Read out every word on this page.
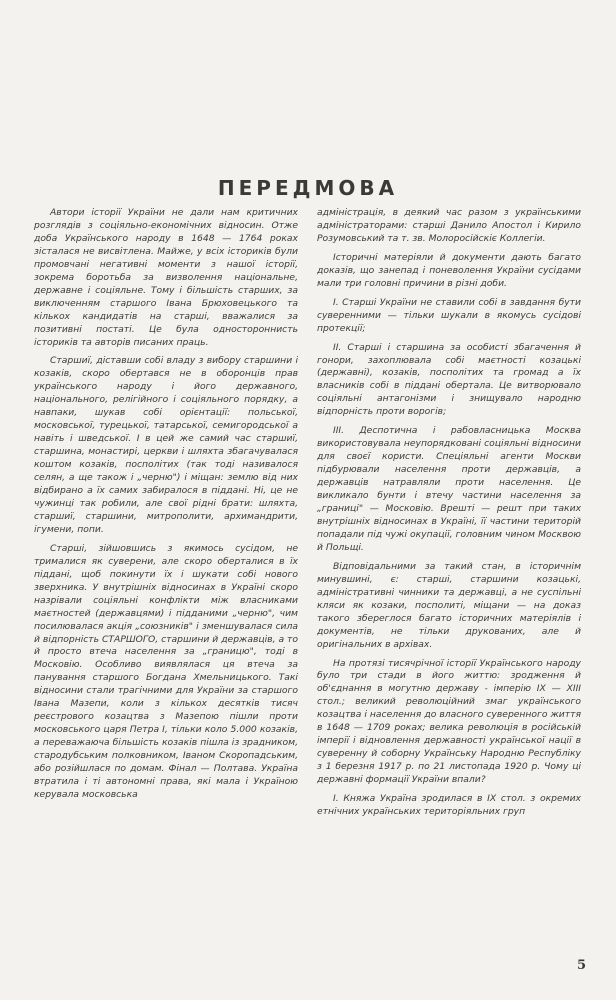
ПЕРЕДМОВА

Автори історії України не дали нам критичних розглядів з соціяльно-економічних відносин. Отже доба Українського народу в 1648 — 1764 роках зісталася не висвітлена. Майже, у всіх істориків були промовчані негативні моменти з нашої історії, зокрема боротьба за визволення національне, державне і соціяльне. Тому і більшість старших, за виключенням старшого Івана Брюховецького та кількох кандидатів на старші, вважалися за позитивні постаті. Це була одностороннисть істориків та авторів писаних праць.

Старшиї, діставши собі владу з вибору старшини і козаків, скоро обертався не в оборонців прав українського народу і його державного, національного, релігійного і соціяльного порядку, а навпаки, шукав собі орієнтації: польської, московської, турецької, татарської, семигородської а навіть і шведської. І в цей же самий час старшиї, старшина, монастирі, церкви і шляхта збагачувалася коштом козаків, посполітих (так тоді називалося селян, а ще також і „черню") і міщан: землю від них відбирано а їх самих забиралося в піддані. Ні, це не чужинці так робили, але свої рідні брати: шляхта, старшиї, старшини, митрополити, архимандрити, ігумени, попи.

Старші, зійшовшись з якимось сусідом, не трималися як суверени, але скоро оберталися в їх піддані, щоб покинути їх і шукати собі нового зверхника. У внутрішніх відносинах в Україні скоро назрівали соціяльні конфлікти між власниками маєтностей (державцями) і підданими „черню", чим посилювалася акція „союзників" і зменшувалася сила й відпорність СТАРШОГО, старшини й державців, а то й просто втеча населення за „границю", тоді в Московію. Особливо виявлялася ця втеча за панування старшого Богдана Хмельницького. Такі відносини стали трагічними для України за старшого Івана Мазепи, коли з кількох десятків тисяч реєстрового козацтва з Мазепою пішли проти московського царя Петра І, тільки коло 5.000 козаків, а переважаюча більшість козаків пішла із зрадником, стародубським полковником, Іваном Скоропадським, або розійшлася по домам. Фінал — Полтава. Україна втратила і ті автономні права, які мала і Україною керувала московська

адміністрація, в деякий час разом з українськими адміністраторами: старші Данило Апостол і Кирило Розумовський та т. зв. Молоросійскіє Коллегіи.

Історичні матеріяли й документи дають багато доказів, що занепад і поневолення України сусідами мали три головні причини в різні доби.

І. Старші України не ставили собі в завдання бути суверенними — тільки шукали в якомусь сусідові протекції;

ІІ. Старші і старшина за особисті збагачення й гонори, захоплювала собі маєтності козацькі (державні), козаків, посполітих та громад а їх власників собі в піддані обертала. Це витворювало соціяльні антагонізми і знищувало народню відпорність проти ворогів;

ІІІ. Деспотична і рабовласницька Москва використовувала неупорядковані соціяльні відносини для своєї користи. Спеціяльні агенти Москви підбурювали населення проти державців, а державців натравляли проти населення. Це викликало бунти і втечу частини населення за „границі" — Московію. Врешті — решт при таких внутрішніх відносинах в Україні, її частини територій попадали під чужі окупації, головним чином Москвою й Польщі.

Відповідальними за такий стан, в історичнім минувшині, є: старші, старшини козацькі, адміністративні чинники та державці, а не суспільні кляси як козаки, посполиті, міщани — на доказ такого збереглося багато історичних матеріялів і документів, не тільки друкованих, але й оригінальних в архівах.

На протязі тисячрічної історії Українського народу було три стади в його життю: зродження й об'єднання в могутню державу - імперію ІХ — ХІІІ стол.; великий революційний змаг українського козацтва і населення до власного суверенного життя в 1648 — 1709 роках; велика революція в російській імперії і відновлення державності української нації в суверенну й соборну Українську Народню Республіку з 1 березня 1917 р. по 21 листопада 1920 р. Чому ці державні формації України впали?

І. Княжа Україна зродилася в ІХ стол. з окремих етнічних українських територіяльних груп

5
